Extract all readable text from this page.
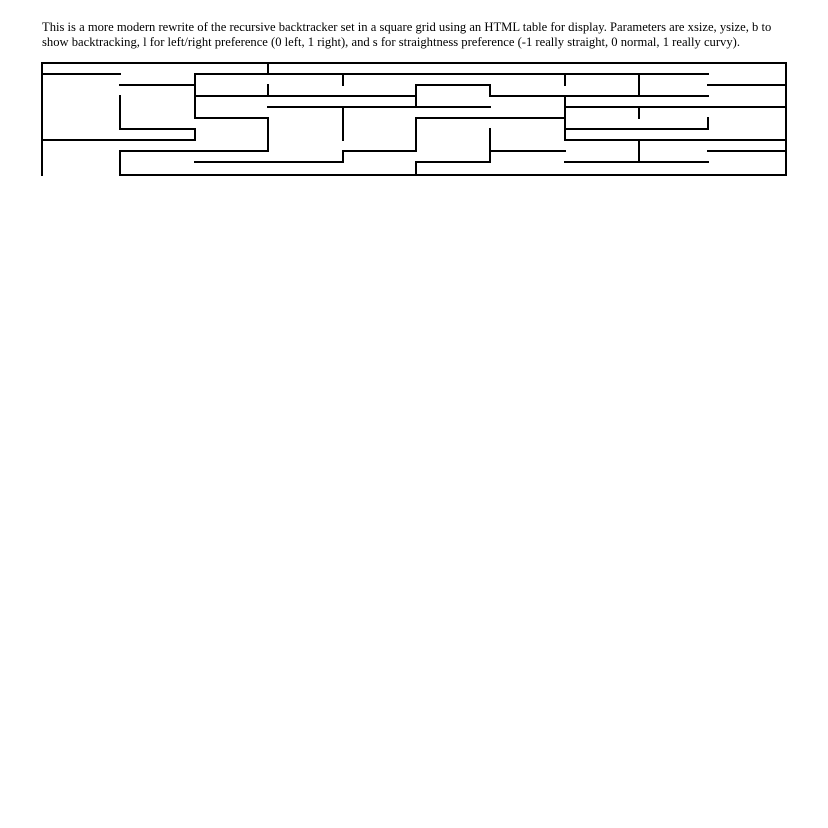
This is a more modern rewrite of the recursive backtracker set in a square grid using an HTML table for display. Parameters are xsize, ysize, b to show backtracking, l for left/right preference (0 left, 1 right), and s for straightness preference (-1 really straight, 0 normal, 1 really curvy).
